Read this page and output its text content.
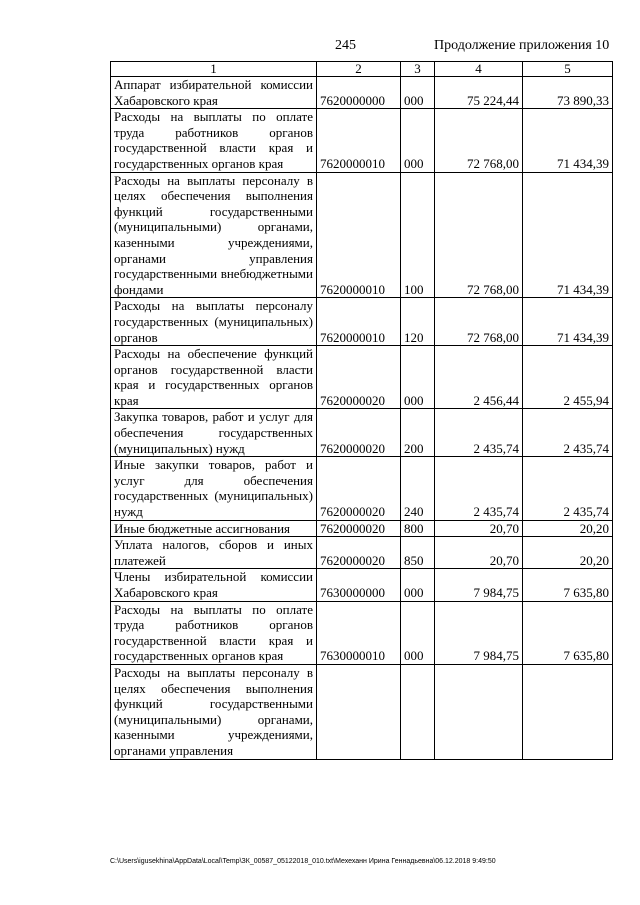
245	Продолжение приложения 10
1	2	3	4	5
Аппарат избирательной комиссии Хабаровского края	7620000000	000	75 224,44	73 890,33
Расходы на выплаты по оплате труда работников органов государственной власти края и государственных органов края	7620000010	000	72 768,00	71 434,39
Расходы на выплаты персоналу в целях обеспечения выполнения функций государственными (муниципальными) органами, казенными учреждениями, органами управления государственными внебюджетными фондами	7620000010	100	72 768,00	71 434,39
Расходы на выплаты персоналу государственных (муниципальных) органов	7620000010	120	72 768,00	71 434,39
Расходы на обеспечение функций органов государственной власти края и государственных органов края	7620000020	000	2 456,44	2 455,94
Закупка товаров, работ и услуг для обеспечения государственных (муниципальных) нужд	7620000020	200	2 435,74	2 435,74
Иные закупки товаров, работ и услуг для обеспечения государственных (муниципальных) нужд	7620000020	240	2 435,74	2 435,74
Иные бюджетные ассигнования	7620000020	800	20,70	20,20
Уплата налогов, сборов и иных платежей	7620000020	850	20,70	20,20
Члены избирательной комиссии Хабаровского края	7630000000	000	7 984,75	7 635,80
Расходы на выплаты по оплате труда работников органов государственной власти края и государственных органов края	7630000010	000	7 984,75	7 635,80
Расходы на выплаты персоналу в целях обеспечения выполнения функций государственными (муниципальными) органами, казенными учреждениями, органами управления				
C:\Users\igusekhina\AppData\Local\Temp\ЗК_00587_05122018_010.txt\Мехеханн Ирина Геннадьевна\06.12.2018 9:49:50
